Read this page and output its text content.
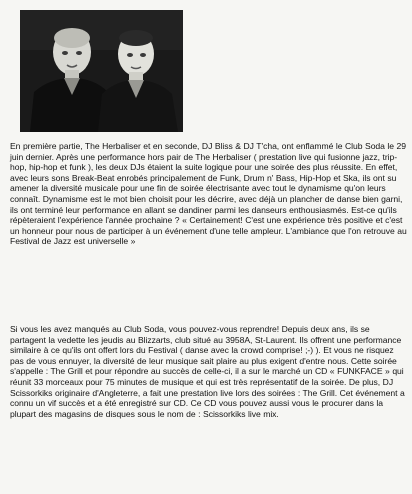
En première partie, The Herbaliser et en seconde, DJ Bliss & DJ T'cha, ont enflammé le Club Soda le 29 juin dernier. Après une performance hors pair de The Herbaliser ( prestation live qui fusionne jazz, trip-hop, hip-hop et funk ), les deux DJs étaient la suite logique pour une soirée des plus réussite. En effet, avec leurs sons Break-Beat enrobés principalement de Funk, Drum n' Bass, Hip-Hop et Ska, ils ont su amener la diversité musicale pour une fin de soirée électrisante avec tout le dynamisme qu'on leurs connaît. Dynamisme est le mot bien choisit pour les décrire, avec déjà un plancher de danse bien garni, ils ont terminé leur performance en allant se dandiner parmi les danseurs enthousiasmés. Est-ce qu'ils répèteraient l'expérience l'année prochaine ? « Certainement! C'est une expérience très positive et c'est un honneur pour nous de participer à un événement d'une telle ampleur. L'ambiance que l'on retrouve au Festival de Jazz est universelle »

Si vous les avez manqués au Club Soda, vous pouvez-vous reprendre! Depuis deux ans, ils se partagent la vedette les jeudis au Blizzarts, club situé au 3958A, St-Laurent. Ils offrent une performance similaire à ce qu'ils ont offert lors du Festival ( danse avec la crowd comprise! ;-) ). Et vous ne risquez pas de vous ennuyer, la diversité de leur musique sait plaire au plus exigent d'entre nous. Cette soirée s'appelle : The Grill et pour répondre au succès de celle-ci, il a sur le marché un CD « FUNKFACE » qui réunit 33 morceaux pour 75 minutes de musique et qui est très représentatif de la soirée. De plus, DJ Scissorkiks originaire d'Angleterre, a fait une prestation live lors des soirées : The Grill. Cet événement a connu un vif succès et a été enregistré sur CD. Ce CD vous pouvez aussi vous le procurer dans la plupart des magasins de disques sous le nom de : Scissorkiks live mix.
